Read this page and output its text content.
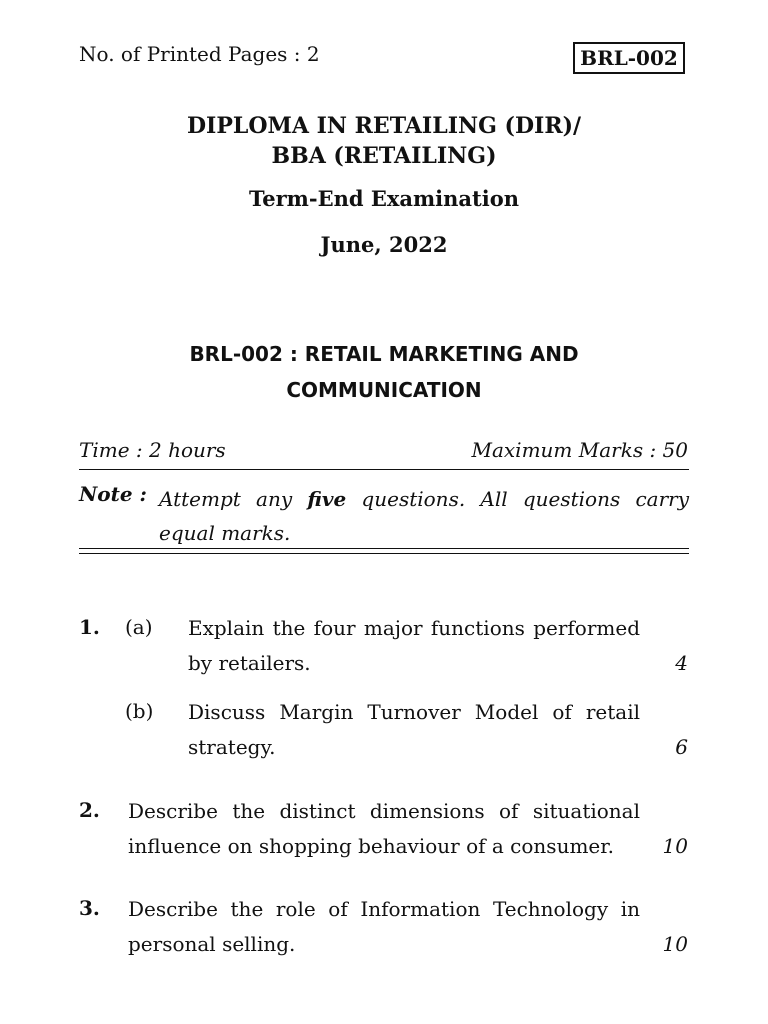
No. of Printed Pages : 2	BRL-002
DIPLOMA IN RETAILING (DIR)/
BBA (RETAILING)
Term-End Examination
June, 2022
BRL-002 : RETAIL MARKETING AND
COMMUNICATION
Time : 2 hours	Maximum Marks : 50
Note : Attempt any five questions. All questions carry equal marks.
1. (a) Explain the four major functions performed by retailers.	4
(b) Discuss Margin Turnover Model of retail strategy.	6
2. Describe the distinct dimensions of situational influence on shopping behaviour of a consumer.	10
3. Describe the role of Information Technology in personal selling.	10
